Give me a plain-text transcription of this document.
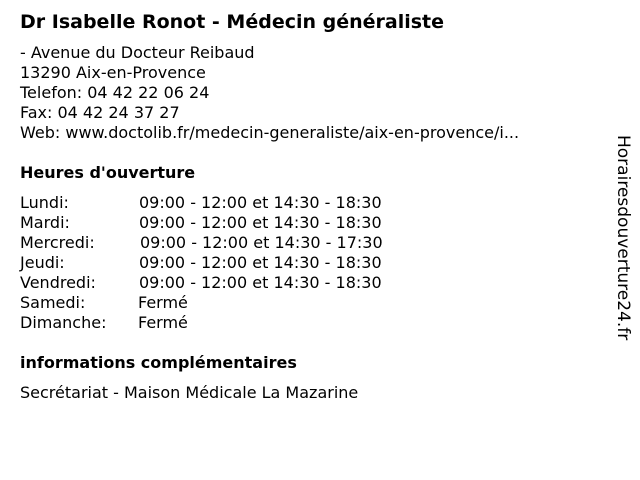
Dr Isabelle Ronot - Médecin généraliste
- Avenue du Docteur Reibaud
13290 Aix-en-Provence
Telefon: 04 42 22 06 24
Fax: 04 42 24 37 27
Web: www.doctolib.fr/medecin-generaliste/aix-en-provence/i...
Heures d'ouverture
Lundi:	09:00 - 12:00 et 14:30 - 18:30
Mardi:	09:00 - 12:00 et 14:30 - 18:30
Mercredi:	09:00 - 12:00 et 14:30 - 17:30
Jeudi:	09:00 - 12:00 et 14:30 - 18:30
Vendredi:	09:00 - 12:00 et 14:30 - 18:30
Samedi:	Fermé
Dimanche: Fermé
informations complémentaires
Secrétariat - Maison Médicale La Mazarine
Horairesdouverture24.fr
